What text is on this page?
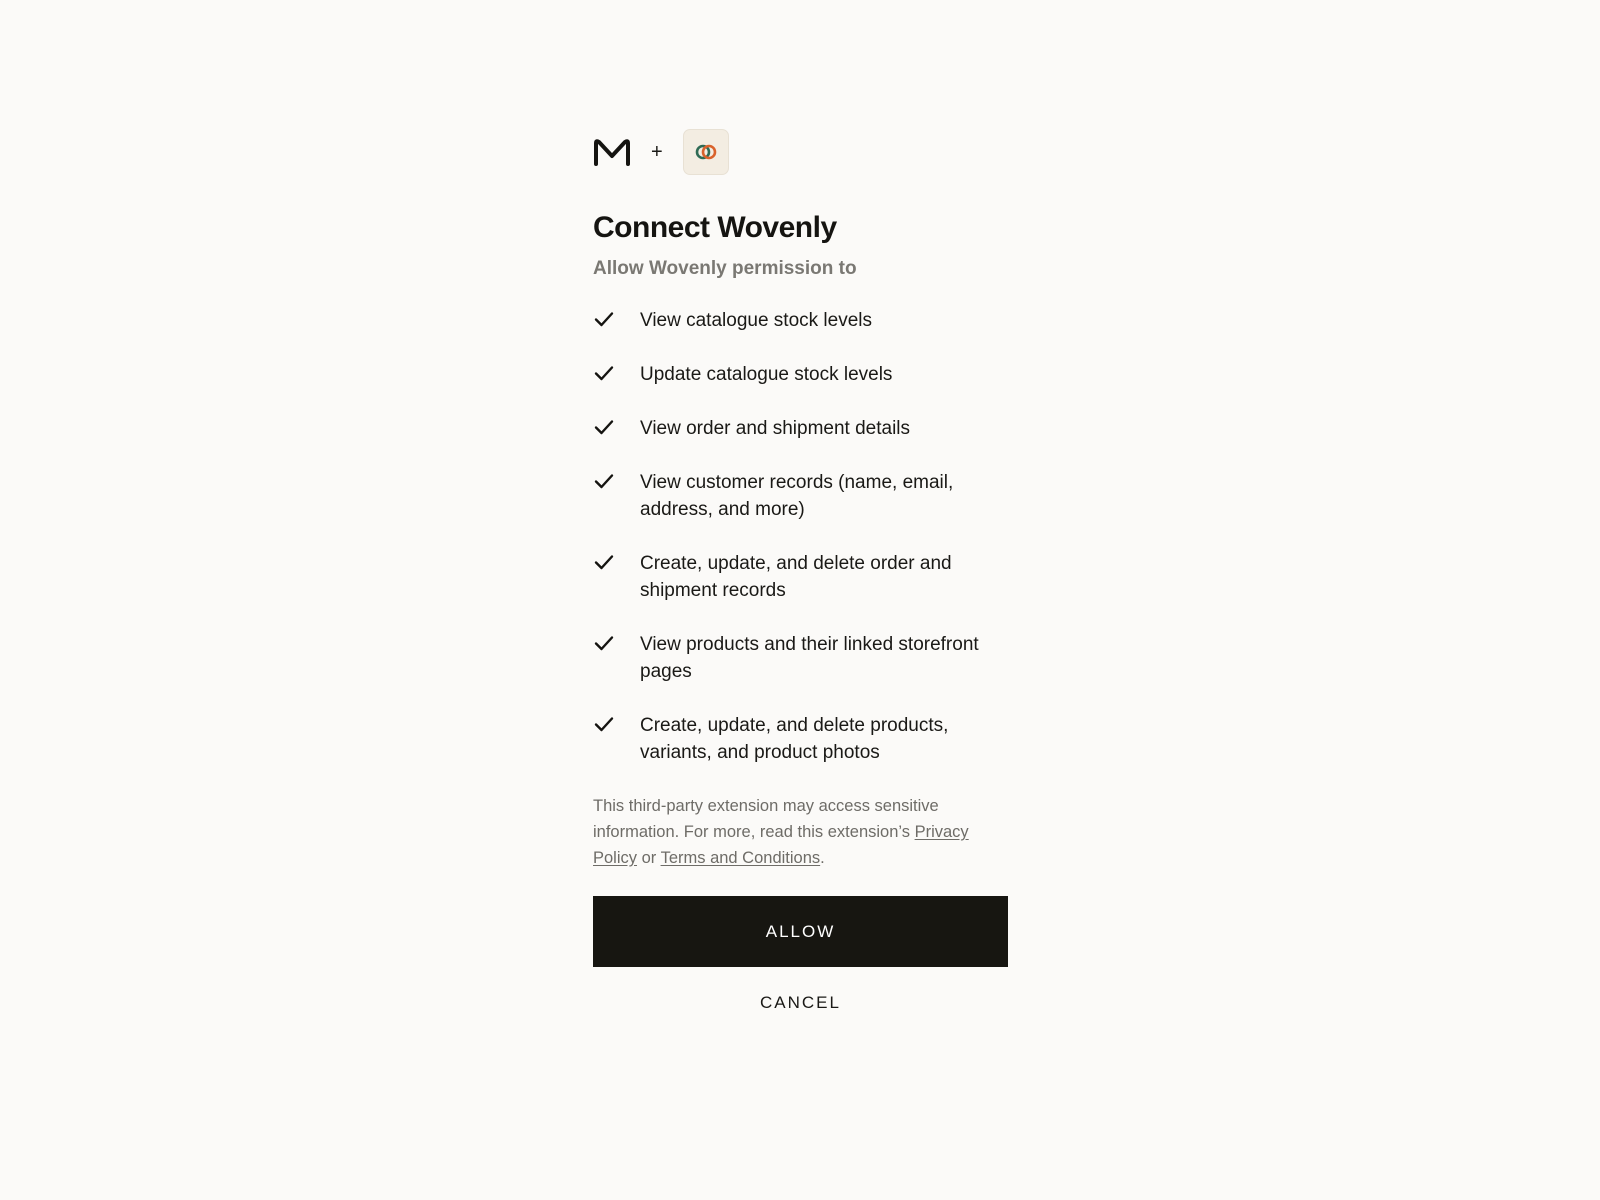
+
Connect Wovenly
Allow Wovenly permission to
View catalogue stock levels
Update catalogue stock levels
View order and shipment details
View customer records (name, email, address, and more)
Create, update, and delete order and shipment records
View products and their linked storefront pages
Create, update, and delete products, variants, and product photos

This third-party extension may access sensitive information. For more, read this extension’s Privacy Policy or Terms and Conditions.

ALLOW
CANCEL
